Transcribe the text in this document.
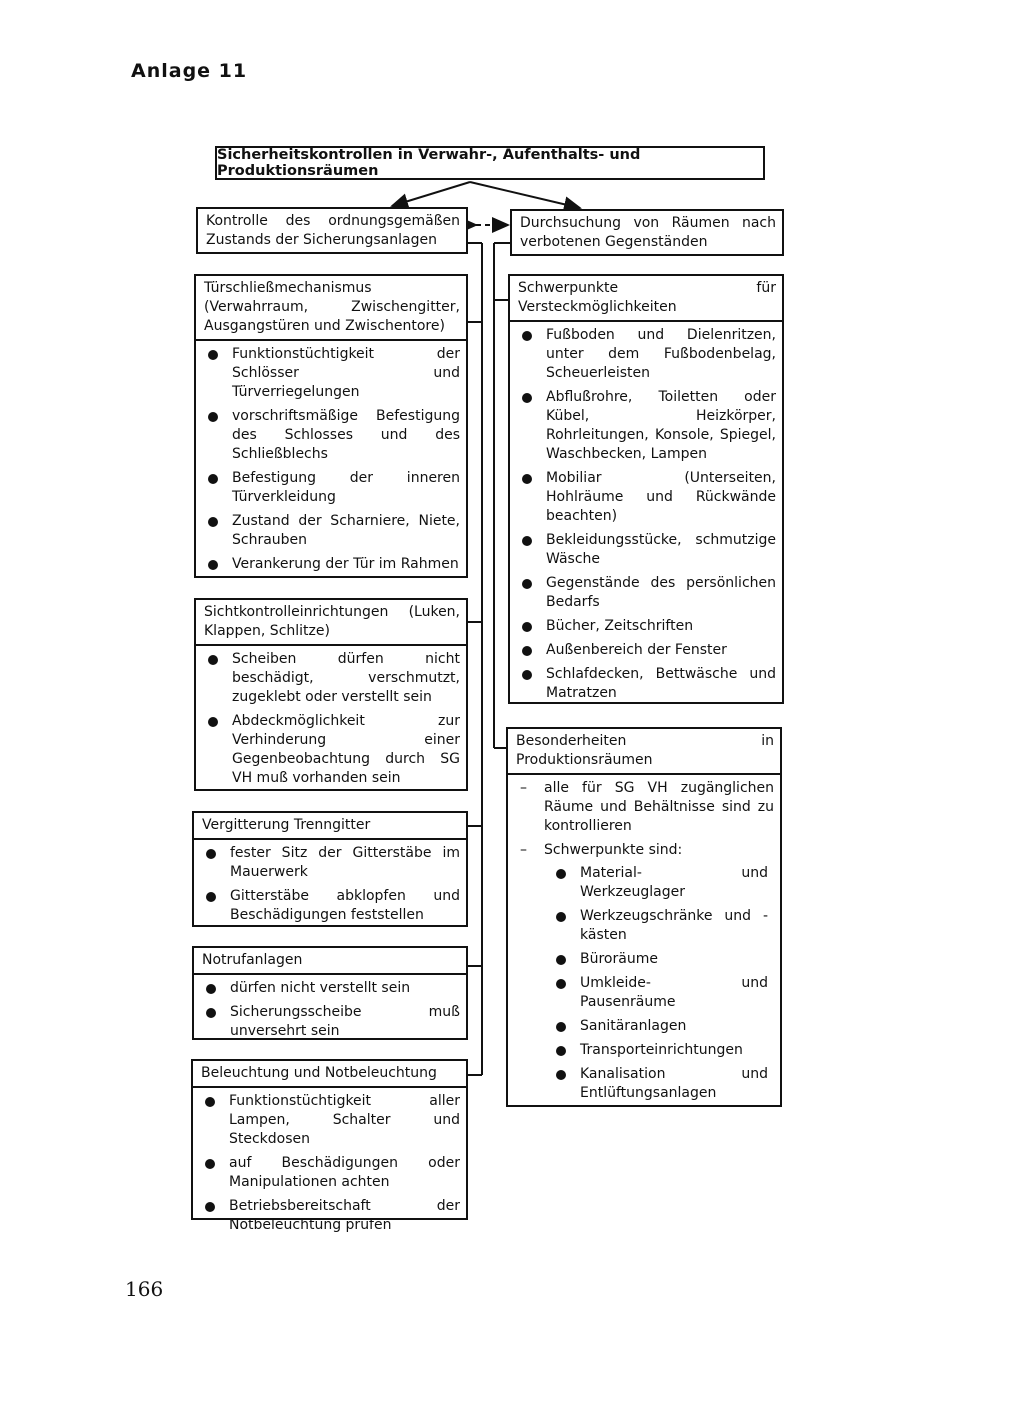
Anlage 11
Sicherheitskontrollen in Verwahr-, Aufenthalts- und Produktionsräumen
Kontrolle des ordnungsgemäßen Zustands der Sicherungsanlagen
Türschließmechanismus (Verwahrraum, Zwischengitter, Ausgangstüren und Zwischentore)
Funktionstüchtigkeit der Schlösser und Türverriegelungen
vorschriftsmäßige Befestigung des Schlosses und des Schließblechs
Befestigung der inneren Türverkleidung
Zustand der Scharniere, Niete, Schrauben
Verankerung der Tür im Rahmen
Sichtkontrolleinrichtungen (Luken, Klappen, Schlitze)
Scheiben dürfen nicht beschädigt, verschmutzt, zugeklebt oder verstellt sein
Abdeckmöglichkeit zur Verhinderung einer Gegenbeobachtung durch SG VH muß vorhanden sein
Vergitterung Trenngitter
fester Sitz der Gitterstäbe im Mauerwerk
Gitterstäbe abklopfen und Beschädigungen feststellen
Notrufanlagen
dürfen nicht verstellt sein
Sicherungsscheibe muß unversehrt sein
Beleuchtung und Notbeleuchtung
Funktionstüchtigkeit aller Lampen, Schalter und Steckdosen
auf Beschädigungen oder Manipulationen achten
Betriebsbereitschaft der Notbeleuchtung prüfen
Durchsuchung von Räumen nach verbotenen Gegenständen
Schwerpunkte für Versteckmöglichkeiten
Fußboden und Dielenritzen, unter dem Fußbodenbelag, Scheuerleisten
Abflußrohre, Toiletten oder Kübel, Heizkörper, Rohrleitungen, Konsole, Spiegel, Waschbecken, Lampen
Mobiliar (Unterseiten, Hohlräume und Rückwände beachten)
Bekleidungsstücke, schmutzige Wäsche
Gegenstände des persönlichen Bedarfs
Bücher, Zeitschriften
Außenbereich der Fenster
Schlafdecken, Bettwäsche und Matratzen
Besonderheiten in Produktionsräumen
– alle für SG VH zugänglichen Räume und Behältnisse sind zu kontrollieren
– Schwerpunkte sind:
Material- und Werkzeuglager
Werkzeugschränke und -kästen
Büroräume
Umkleide- und Pausenräume
Sanitäranlagen
Transporteinrichtungen
Kanalisation und Entlüftungsanlagen
166
